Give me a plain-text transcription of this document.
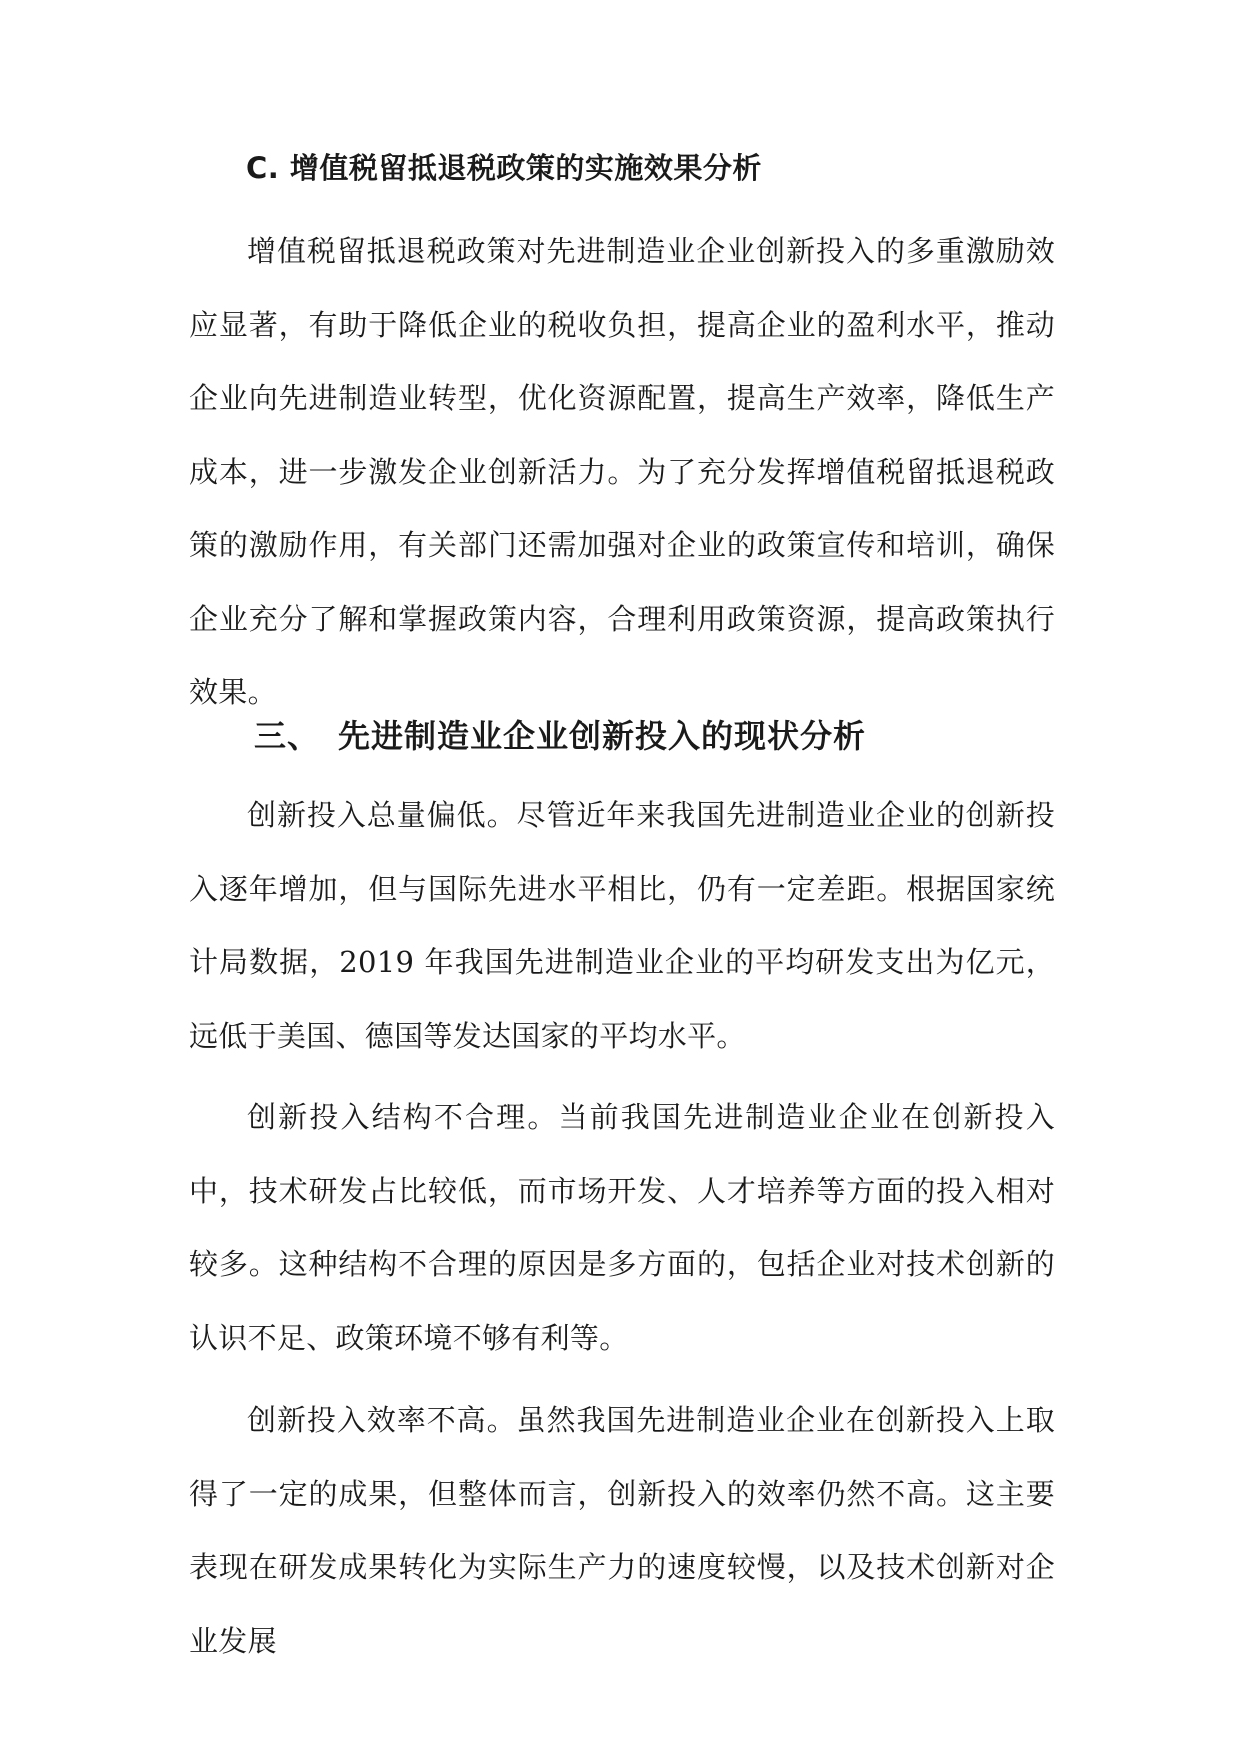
C. 增值税留抵退税政策的实施效果分析

增值税留抵退税政策对先进制造业企业创新投入的多重激励效应显著，有助于降低企业的税收负担，提高企业的盈利水平，推动企业向先进制造业转型，优化资源配置，提高生产效率，降低生产成本，进一步激发企业创新活力。为了充分发挥增值税留抵退税政策的激励作用，有关部门还需加强对企业的政策宣传和培训，确保企业充分了解和掌握政策内容，合理利用政策资源，提高政策执行效果。

三、 先进制造业企业创新投入的现状分析

创新投入总量偏低。尽管近年来我国先进制造业企业的创新投入逐年增加，但与国际先进水平相比，仍有一定差距。根据国家统计局数据，2019 年我国先进制造业企业的平均研发支出为亿元，远低于美国、德国等发达国家的平均水平。

创新投入结构不合理。当前我国先进制造业企业在创新投入中，技术研发占比较低，而市场开发、人才培养等方面的投入相对较多。这种结构不合理的原因是多方面的，包括企业对技术创新的认识不足、政策环境不够有利等。

创新投入效率不高。虽然我国先进制造业企业在创新投入上取得了一定的成果，但整体而言，创新投入的效率仍然不高。这主要表现在研发成果转化为实际生产力的速度较慢，以及技术创新对企业发展
